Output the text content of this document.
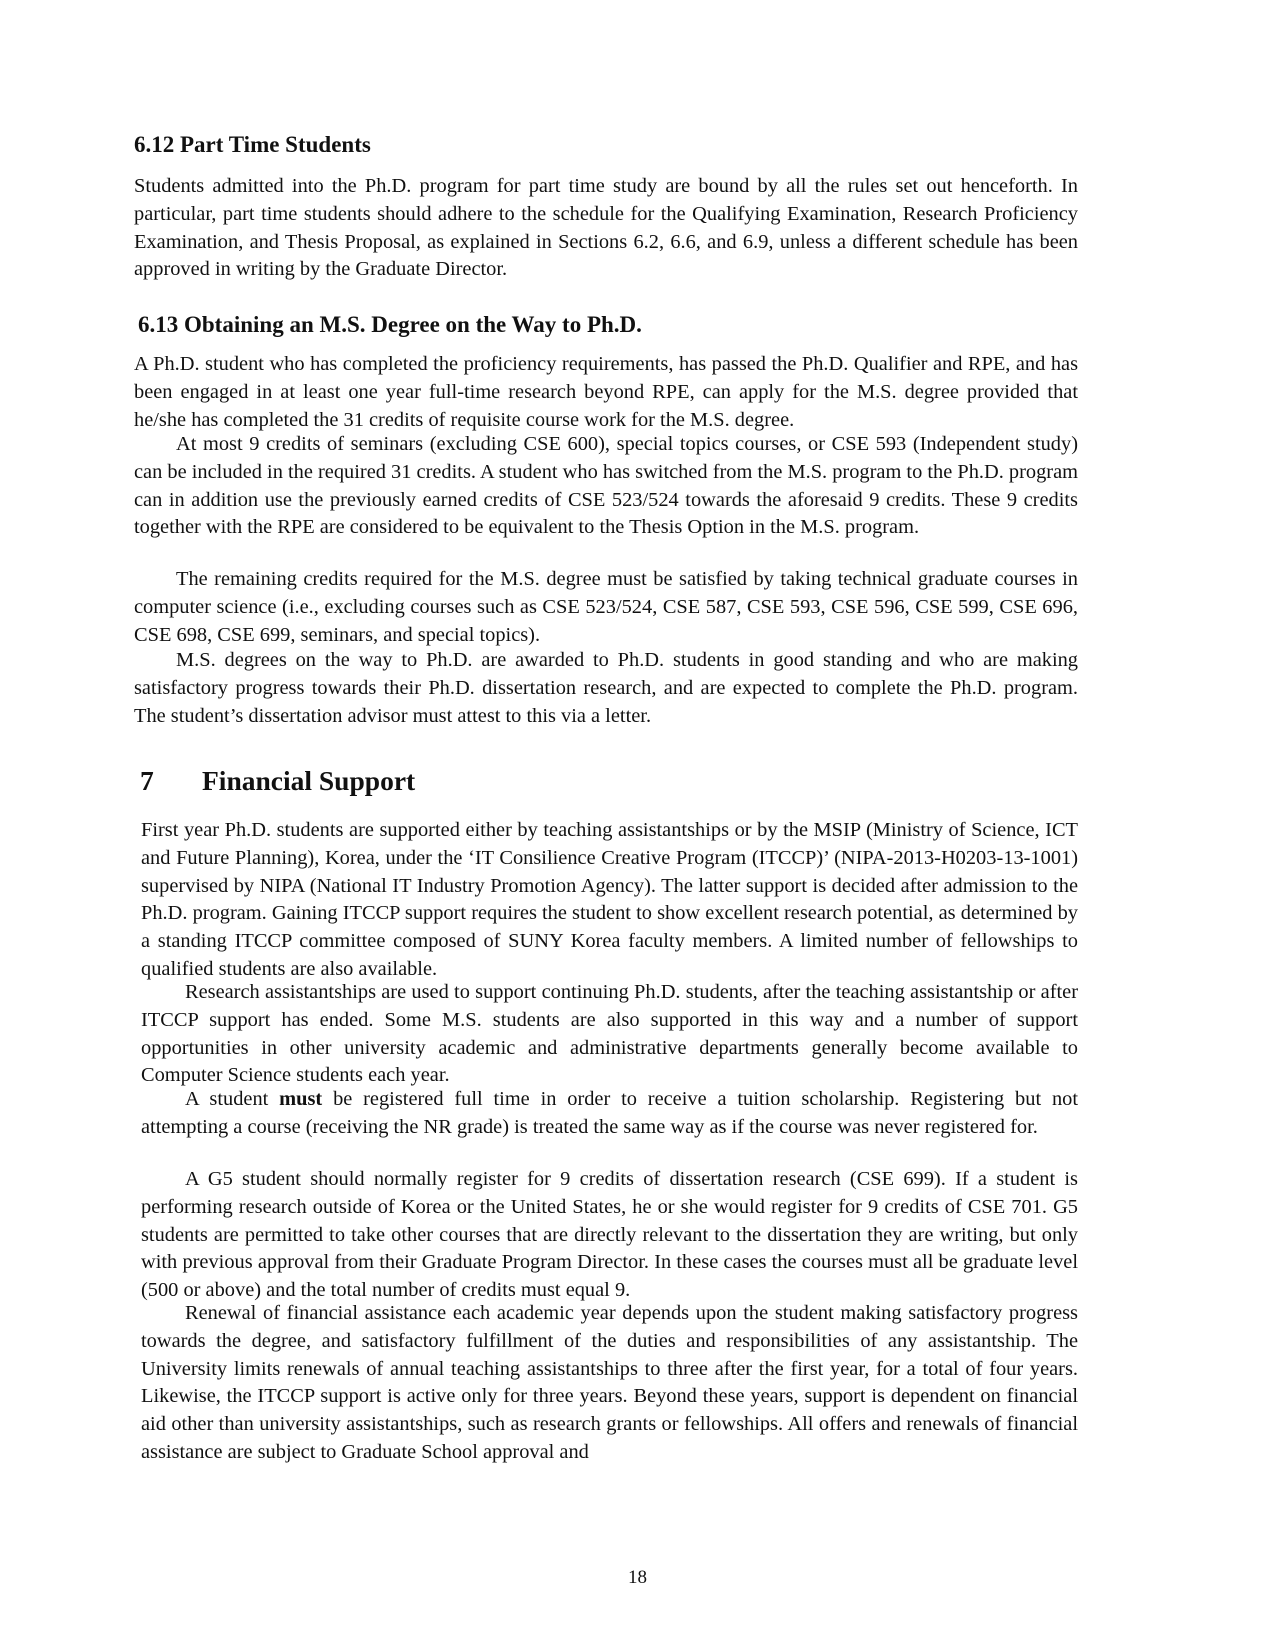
6.12 Part Time Students

Students admitted into the Ph.D. program for part time study are bound by all the rules set out henceforth. In particular, part time students should adhere to the schedule for the Qualifying Examination, Research Proficiency Examination, and Thesis Proposal, as explained in Sections 6.2, 6.6, and 6.9, unless a different schedule has been approved in writing by the Graduate Director.

6.13 Obtaining an M.S. Degree on the Way to Ph.D.

A Ph.D. student who has completed the proficiency requirements, has passed the Ph.D. Qualifier and RPE, and has been engaged in at least one year full-time research beyond RPE, can apply for the M.S. degree provided that he/she has completed the 31 credits of requisite course work for the M.S. degree.

At most 9 credits of seminars (excluding CSE 600), special topics courses, or CSE 593 (Independent study) can be included in the required 31 credits. A student who has switched from the M.S. program to the Ph.D. program can in addition use the previously earned credits of CSE 523/524 towards the aforesaid 9 credits. These 9 credits together with the RPE are considered to be equivalent to the Thesis Option in the M.S. program.

The remaining credits required for the M.S. degree must be satisfied by taking technical graduate courses in computer science (i.e., excluding courses such as CSE 523/524, CSE 587, CSE 593, CSE 596, CSE 599, CSE 696, CSE 698, CSE 699, seminars, and special topics).

M.S. degrees on the way to Ph.D. are awarded to Ph.D. students in good standing and who are making satisfactory progress towards their Ph.D. dissertation research, and are expected to complete the Ph.D. program. The student’s dissertation advisor must attest to this via a letter.

7 Financial Support

First year Ph.D. students are supported either by teaching assistantships or by the MSIP (Ministry of Science, ICT and Future Planning), Korea, under the ‘IT Consilience Creative Program (ITCCP)’ (NIPA-2013-H0203-13-1001) supervised by NIPA (National IT Industry Promotion Agency). The latter support is decided after admission to the Ph.D. program. Gaining ITCCP support requires the student to show excellent research potential, as determined by a standing ITCCP committee composed of SUNY Korea faculty members. A limited number of fellowships to qualified students are also available.

Research assistantships are used to support continuing Ph.D. students, after the teaching assistantship or after ITCCP support has ended. Some M.S. students are also supported in this way and a number of support opportunities in other university academic and administrative departments generally become available to Computer Science students each year.

A student must be registered full time in order to receive a tuition scholarship. Registering but not attempting a course (receiving the NR grade) is treated the same way as if the course was never registered for.

A G5 student should normally register for 9 credits of dissertation research (CSE 699). If a student is performing research outside of Korea or the United States, he or she would register for 9 credits of CSE 701. G5 students are permitted to take other courses that are directly relevant to the dissertation they are writing, but only with previous approval from their Graduate Program Director. In these cases the courses must all be graduate level (500 or above) and the total number of credits must equal 9.

Renewal of financial assistance each academic year depends upon the student making satisfactory progress towards the degree, and satisfactory fulfillment of the duties and responsibilities of any assistantship. The University limits renewals of annual teaching assistantships to three after the first year, for a total of four years. Likewise, the ITCCP support is active only for three years. Beyond these years, support is dependent on financial aid other than university assistantships, such as research grants or fellowships. All offers and renewals of financial assistance are subject to Graduate School approval and

18
